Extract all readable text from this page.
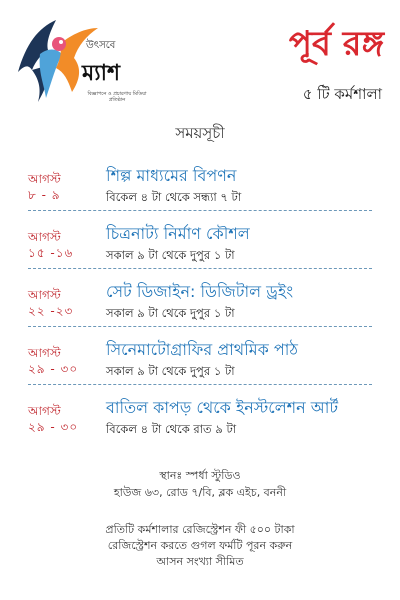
উৎসবে
ম্যাশ
বিজ্ঞাপনে ও প্রচারণায় মিডিয়া প্রতিষ্ঠান
পূর্ব রঙ্গ
৫ টি কর্মশালা
সময়সূচী
আগস্ট
৮ - ৯
শিল্প মাধ্যমের বিপণন
বিকেল ৪ টা থেকে সন্ধ্যা ৭ টা
আগস্ট
১৫ -১৬
চিত্রনাট্য নির্মাণ কৌশল
সকাল ৯ টা থেকে দুপুর ১ টা
আগস্ট
২২ -২৩
সেট ডিজাইন: ডিজিটাল ড্রইং
সকাল ৯ টা থেকে দুপুর ১ টা
আগস্ট
২৯ - ৩০
সিনেমাটোগ্রাফির প্রাথমিক পাঠ
সকাল ৯ টা থেকে দুপুর ১ টা
আগস্ট
২৯ - ৩০
বাতিল কাপড় থেকে ইনস্টলেশন আর্ট
বিকেল ৪ টা থেকে রাত ৯ টা
স্থানঃ স্পর্ধা স্টুডিও
হাউজ ৬৩, রোড ৭/বি, ব্লক এইচ, বননী
প্রতিটি কর্মশালার রেজিস্ট্রেশন ফী ৫০০ টাকা
রেজিস্ট্রেশন করতে গুগল ফর্মটি পূরন করুন
আসন সংখ্যা সীমিত
